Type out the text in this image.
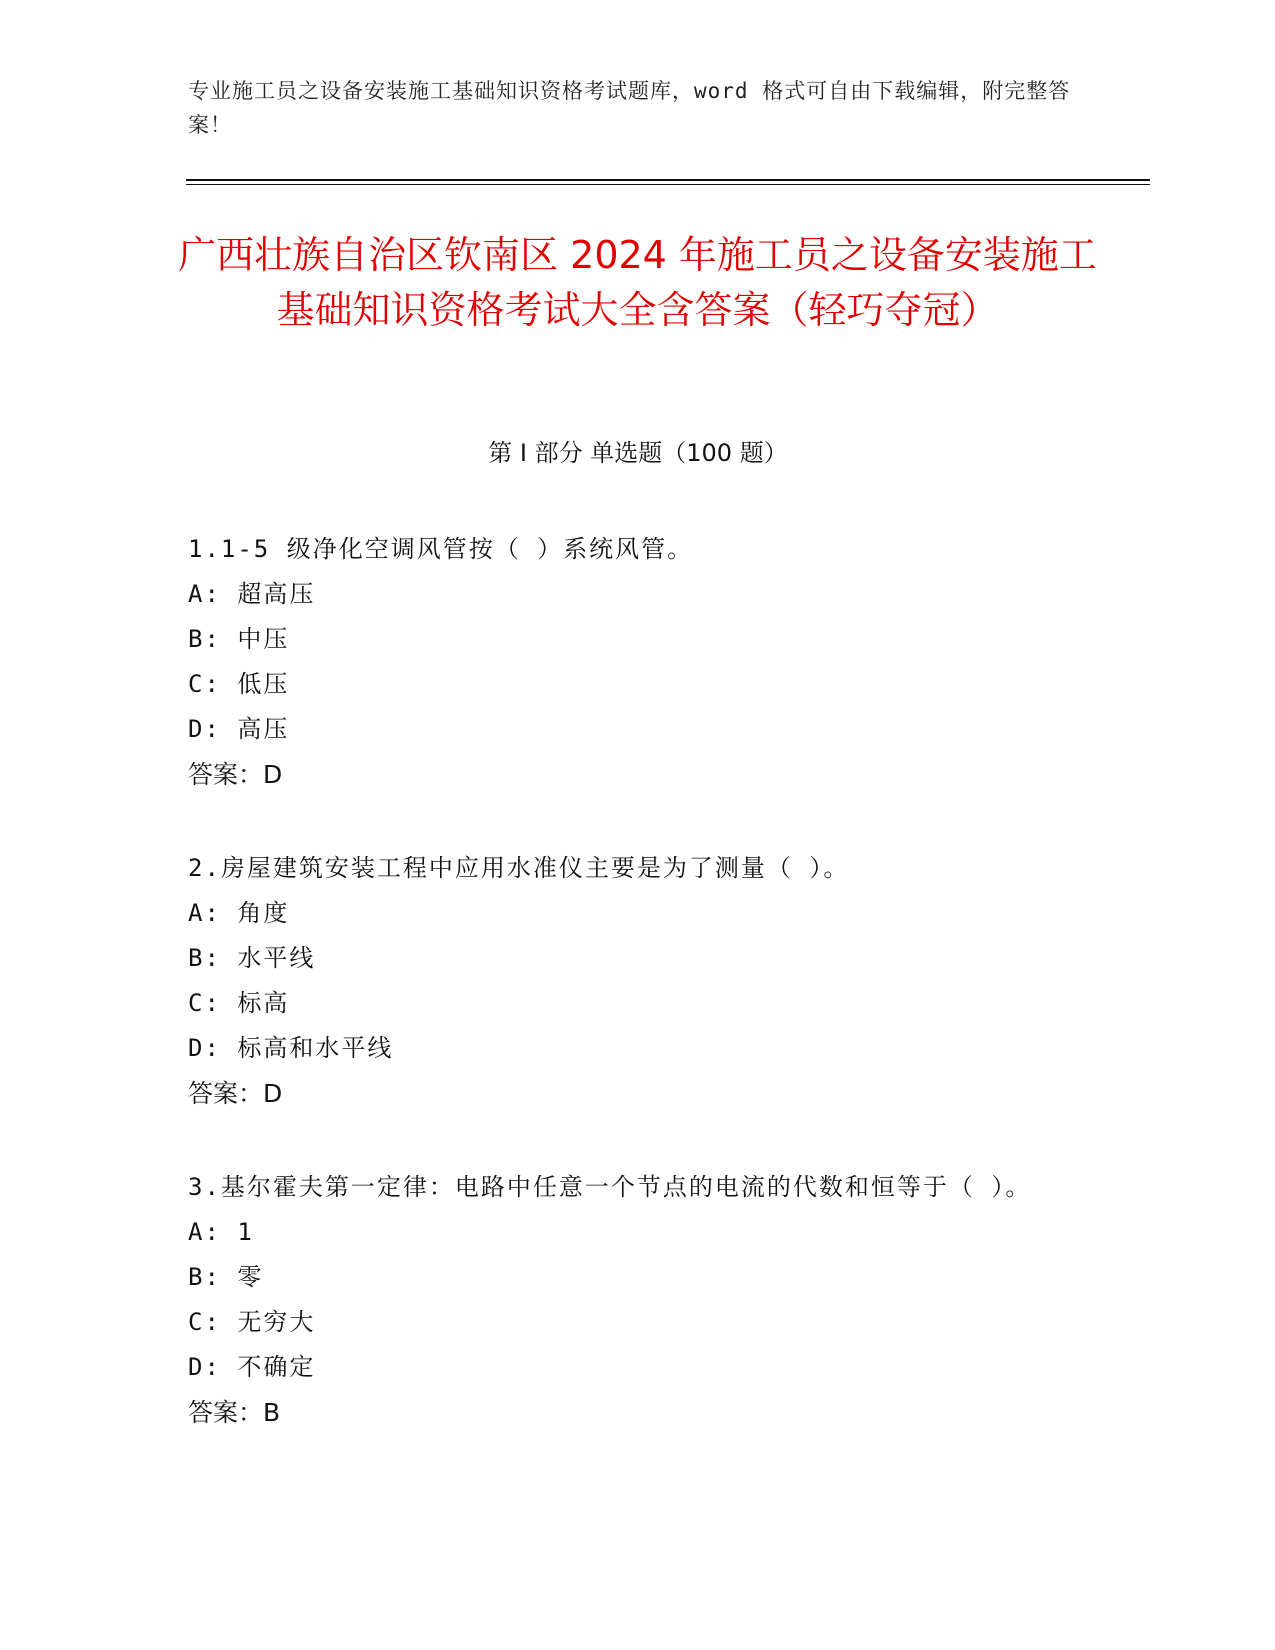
专业施工员之设备安装施工基础知识资格考试题库，word 格式可自由下载编辑，附完整答案！
广西壮族自治区钦南区 2024 年施工员之设备安装施工基础知识资格考试大全含答案（轻巧夺冠）
第 I 部分 单选题（100 题）
1.1-5 级净化空调风管按（ ）系统风管。
A: 超高压
B: 中压
C: 低压
D: 高压
答案：D
2.房屋建筑安装工程中应用水准仪主要是为了测量（ ）。
A: 角度
B: 水平线
C: 标高
D: 标高和水平线
答案：D
3.基尔霍夫第一定律：电路中任意一个节点的电流的代数和恒等于（ ）。
A: 1
B: 零
C: 无穷大
D: 不确定
答案：B
